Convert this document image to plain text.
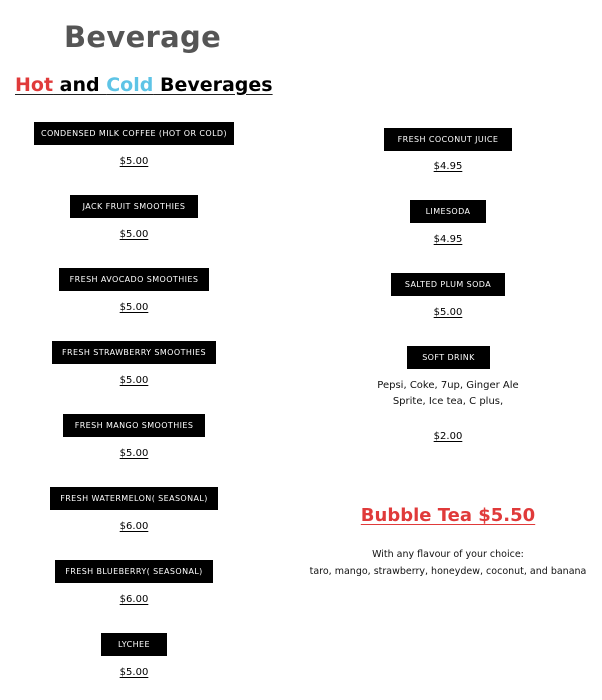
Beverage
Hot and Cold Beverages
CONDENSED MILK COFFEE (HOT OR COLD)
$5.00
JACK FRUIT SMOOTHIES
$5.00
FRESH AVOCADO SMOOTHIES
$5.00
FRESH STRAWBERRY SMOOTHIES
$5.00
FRESH MANGO SMOOTHIES
$5.00
FRESH WATERMELON( SEASONAL)
$6.00
FRESH BLUEBERRY( SEASONAL)
$6.00
LYCHEE
$5.00
FRESH COCONUT JUICE
$4.95
LIMESODA
$4.95
SALTED PLUM SODA
$5.00
SOFT DRINK
Pepsi, Coke, 7up, Ginger Ale
Sprite, Ice tea, C plus,
$2.00
Bubble Tea $5.50
With any flavour of your choice:
taro, mango, strawberry, honeydew, coconut, and banana
